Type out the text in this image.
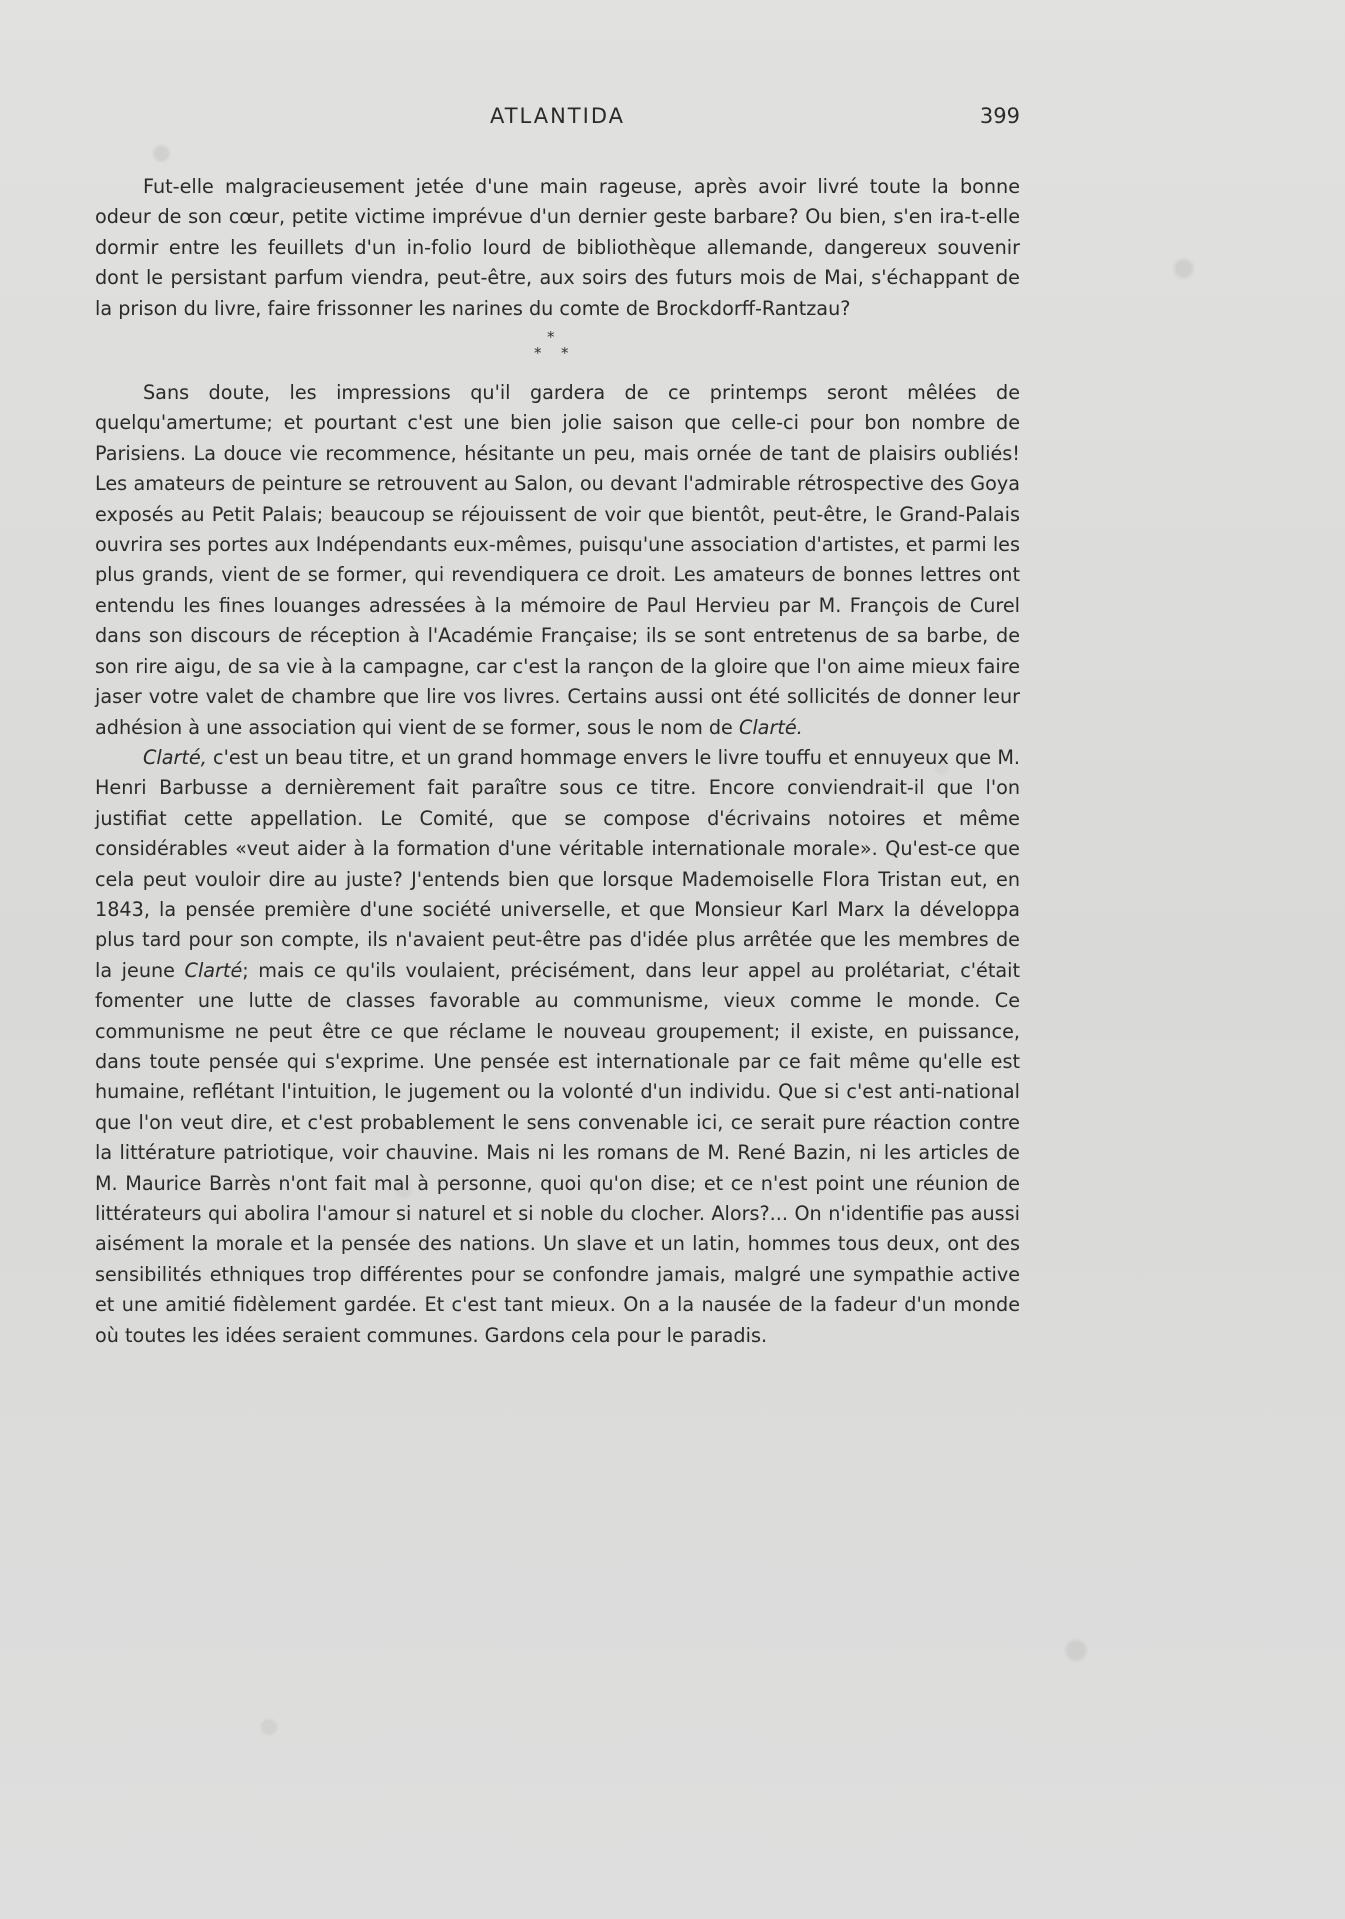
ATLANTIDA	399

Fut-elle malgracieusement jetée d'une main rageuse, après avoir livré toute la bonne odeur de son cœur, petite victime imprévue d'un dernier geste barbare? Ou bien, s'en ira-t-elle dormir entre les feuillets d'un in-folio lourd de bibliothèque allemande, dangereux souvenir dont le persistant parfum viendra, peut-être, aux soirs des futurs mois de Mai, s'échappant de la prison du livre, faire frissonner les narines du comte de Brockdorff-Rantzau?

*
* *

Sans doute, les impressions qu'il gardera de ce printemps seront mêlées de quelqu'amertume; et pourtant c'est une bien jolie saison que celle-ci pour bon nombre de Parisiens. La douce vie recommence, hésitante un peu, mais ornée de tant de plaisirs oubliés! Les amateurs de peinture se retrouvent au Salon, ou devant l'admirable rétrospective des Goya exposés au Petit Palais; beaucoup se réjouissent de voir que bientôt, peut-être, le Grand-Palais ouvrira ses portes aux Indépendants eux-mêmes, puisqu'une association d'artistes, et parmi les plus grands, vient de se former, qui revendiquera ce droit. Les amateurs de bonnes lettres ont entendu les fines louanges adressées à la mémoire de Paul Hervieu par M. François de Curel dans son discours de réception à l'Académie Française; ils se sont entretenus de sa barbe, de son rire aigu, de sa vie à la campagne, car c'est la rançon de la gloire que l'on aime mieux faire jaser votre valet de chambre que lire vos livres. Certains aussi ont été sollicités de donner leur adhésion à une association qui vient de se former, sous le nom de Clarté.

Clarté, c'est un beau titre, et un grand hommage envers le livre touffu et ennuyeux que M. Henri Barbusse a dernièrement fait paraître sous ce titre. Encore conviendrait-il que l'on justifiat cette appellation. Le Comité, que se compose d'écrivains notoires et même considérables «veut aider à la formation d'une véritable internationale morale». Qu'est-ce que cela peut vouloir dire au juste? J'entends bien que lorsque Mademoiselle Flora Tristan eut, en 1843, la pensée première d'une société universelle, et que Monsieur Karl Marx la développa plus tard pour son compte, ils n'avaient peut-être pas d'idée plus arrêtée que les membres de la jeune Clarté; mais ce qu'ils voulaient, précisément, dans leur appel au prolétariat, c'était fomenter une lutte de classes favorable au communisme, vieux comme le monde. Ce communisme ne peut être ce que réclame le nouveau groupement; il existe, en puissance, dans toute pensée qui s'exprime. Une pensée est internationale par ce fait même qu'elle est humaine, reflétant l'intuition, le jugement ou la volonté d'un individu. Que si c'est anti-national que l'on veut dire, et c'est probablement le sens convenable ici, ce serait pure réaction contre la littérature patriotique, voir chauvine. Mais ni les romans de M. René Bazin, ni les articles de M. Maurice Barrès n'ont fait mal à personne, quoi qu'on dise; et ce n'est point une réunion de littérateurs qui abolira l'amour si naturel et si noble du clocher. Alors?... On n'identifie pas aussi aisément la morale et la pensée des nations. Un slave et un latin, hommes tous deux, ont des sensibilités ethniques trop différentes pour se confondre jamais, malgré une sympathie active et une amitié fidèlement gardée. Et c'est tant mieux. On a la nausée de la fadeur d'un monde où toutes les idées seraient communes. Gardons cela pour le paradis.
